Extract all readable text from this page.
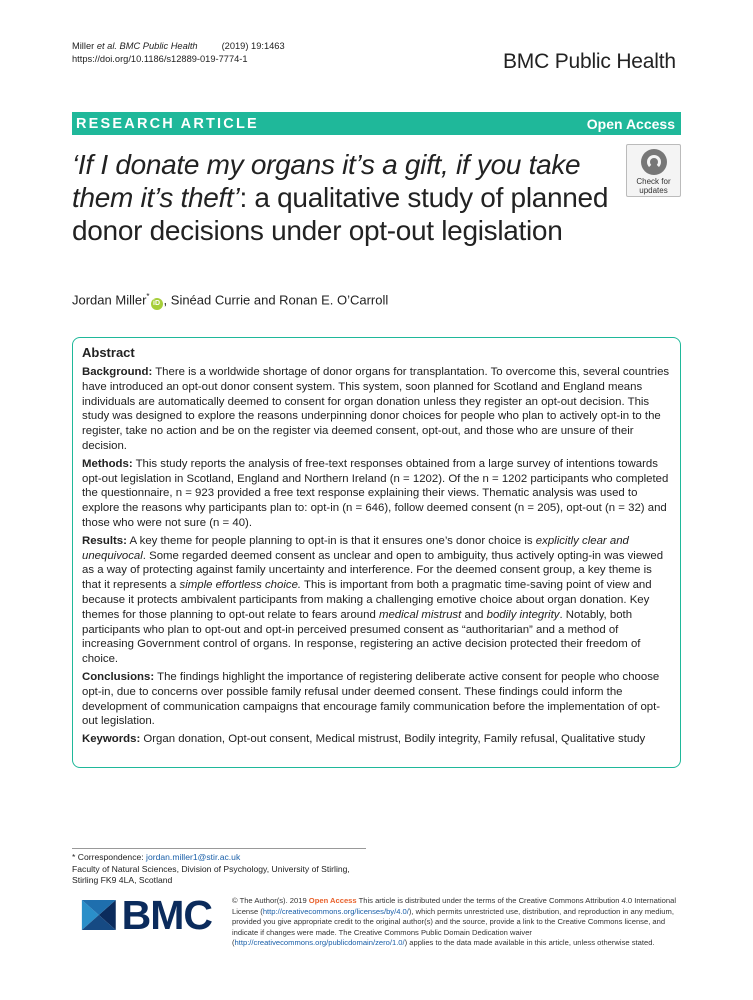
Miller et al. BMC Public Health	(2019) 19:1463
https://doi.org/10.1186/s12889-019-7774-1	BMC Public Health
RESEARCH ARTICLE	Open Access
‘If I donate my organs it’s a gift, if you take them it’s theft’: a qualitative study of planned donor decisions under opt-out legislation
Check for
updates
Jordan Miller*iD , Sinéad Currie and Ronan E. O’Carroll
Abstract

Background: There is a worldwide shortage of donor organs for transplantation. To overcome this, several countries have introduced an opt-out donor consent system. This system, soon planned for Scotland and England means individuals are automatically deemed to consent for organ donation unless they register an opt-out decision. This study was designed to explore the reasons underpinning donor choices for people who plan to actively opt-in to the register, take no action and be on the register via deemed consent, opt-out, and those who are unsure of their decision.

Methods: This study reports the analysis of free-text responses obtained from a large survey of intentions towards opt-out legislation in Scotland, England and Northern Ireland (n = 1202). Of the n = 1202 participants who completed the questionnaire, n = 923 provided a free text response explaining their views. Thematic analysis was used to explore the reasons why participants plan to: opt-in (n = 646), follow deemed consent (n = 205), opt-out (n = 32) and those who were not sure (n = 40).

Results: A key theme for people planning to opt-in is that it ensures one’s donor choice is explicitly clear and unequivocal. Some regarded deemed consent as unclear and open to ambiguity, thus actively opting-in was viewed as a way of protecting against family uncertainty and interference. For the deemed consent group, a key theme is that it represents a simple effortless choice. This is important from both a pragmatic time-saving point of view and because it protects ambivalent participants from making a challenging emotive choice about organ donation. Key themes for those planning to opt-out relate to fears around medical mistrust and bodily integrity. Notably, both participants who plan to opt-out and opt-in perceived presumed consent as “authoritarian” and a method of increasing Government control of organs. In response, registering an active decision protected their freedom of choice.

Conclusions: The findings highlight the importance of registering deliberate active consent for people who choose opt-in, due to concerns over possible family refusal under deemed consent. These findings could inform the development of communication campaigns that encourage family communication before the implementation of opt-out legislation.

Keywords: Organ donation, Opt-out consent, Medical mistrust, Bodily integrity, Family refusal, Qualitative study

* Correspondence: jordan.miller1@stir.ac.uk
Faculty of Natural Sciences, Division of Psychology, University of Stirling,
Stirling FK9 4LA, Scotland
BMC	© The Author(s). 2019 Open Access This article is distributed under the terms of the Creative Commons Attribution 4.0 International License (http://creativecommons.org/licenses/by/4.0/), which permits unrestricted use, distribution, and reproduction in any medium, provided you give appropriate credit to the original author(s) and the source, provide a link to the Creative Commons license, and indicate if changes were made. The Creative Commons Public Domain Dedication waiver (http://creativecommons.org/publicdomain/zero/1.0/) applies to the data made available in this article, unless otherwise stated.
